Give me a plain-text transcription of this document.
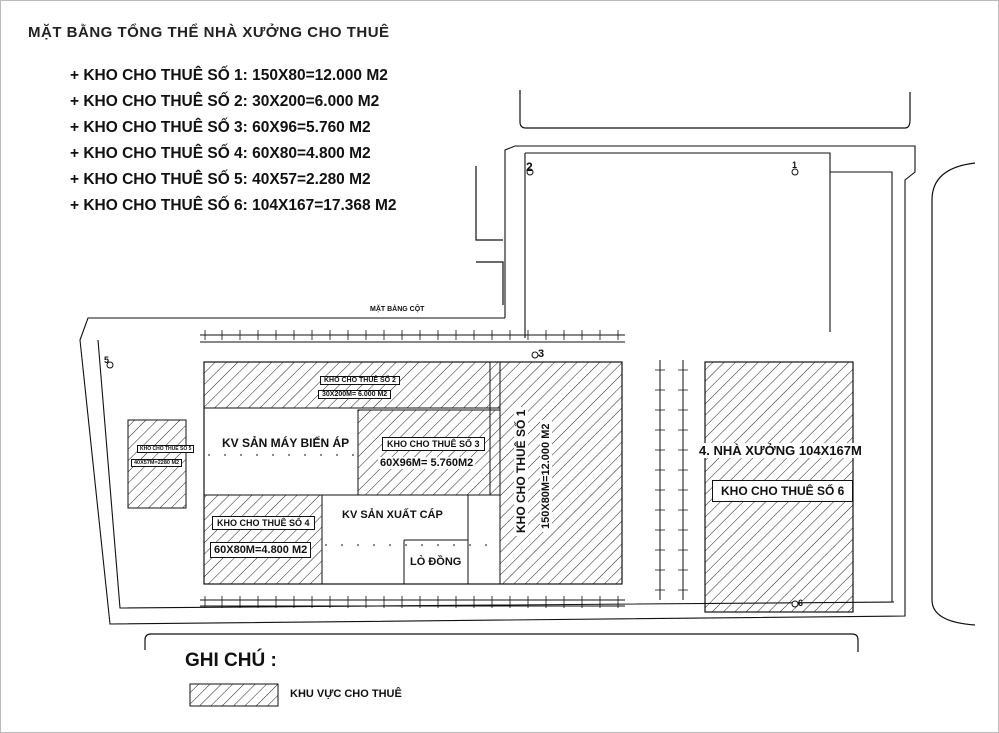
MẶT BẰNG TỔNG THỂ NHÀ XƯỞNG CHO THUÊ
+ KHO CHO THUÊ SỐ 1: 150X80=12.000 M2
+ KHO CHO THUÊ SỐ 2: 30X200=6.000 M2
+ KHO CHO THUÊ SỐ 3: 60X96=5.760 M2
+ KHO CHO THUÊ SỐ 4: 60X80=4.800 M2
+ KHO CHO THUÊ SỐ 5: 40X57=2.280 M2
+ KHO CHO THUÊ SỐ 6: 104X167=17.368 M2
MẶT BẰNG CỘT
KHO CHO THUÊ SỐ 2
30X200M= 6.000 M2
KV SẢN MÁY BIẾN ÁP	KHO CHO THUÊ SỐ 3
60X96M= 5.760M2	KHO CHO THUÊ SỐ 1 150X80M=12.000 M2
KHO CHO THUÊ SỐ 4
60X80M=4.800 M2
KV SẢN XUẤT CÁP
LÒ ĐỒNG
KHO CHO THUÊ SỐ 5
40X57M=2280 M2
4. NHÀ XƯỞNG 104X167M
KHO CHO THUÊ SỐ 6
2	1
3
5
6
GHI CHÚ :
KHU VỰC CHO THUÊ
